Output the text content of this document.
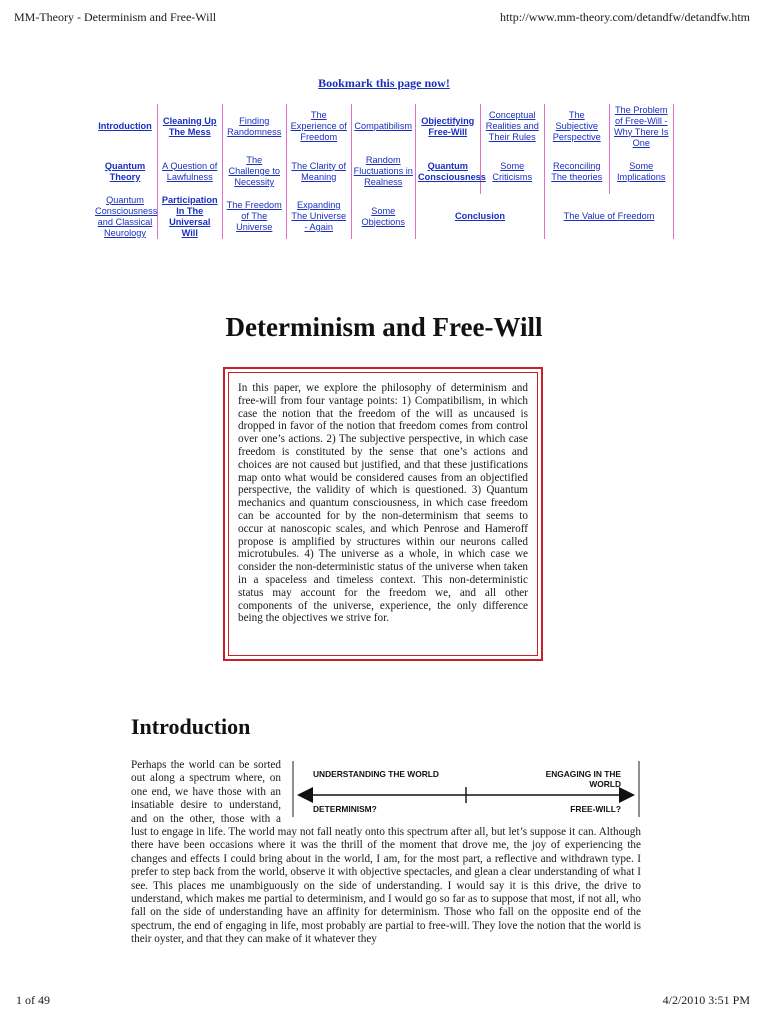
MM-Theory - Determinism and Free-Will	http://www.mm-theory.com/detandfw/detandfw.htm
Bookmark this page now!
Introduction	Cleaning Up The Mess	Finding Randomness	The Experience of Freedom	Compatibilism	Objectifying Free-Will	Conceptual Realities and Their Rules	The Subjective Perspective	The Problem of Free-Will - Why There Is One
Quantum Theory	A Question of Lawfulness	The Challenge to Necessity	The Clarity of Meaning	Random Fluctuations in Realness	Quantum Consciousness	Some Criticisms	Reconciling The theories	Some Implications
Quantum Consciousness and Classical Neurology	Participation In The Universal Will	The Freedom of The Universe	Expanding The Universe - Again	Some Objections	Conclusion		The Value of Freedom	
Determinism and Free-Will

In this paper, we explore the philosophy of determinism and free-will from four vantage points: 1) Compatibilism, in which case the notion that the freedom of the will as uncaused is dropped in favor of the notion that freedom comes from control over one’s actions. 2) The subjective perspective, in which case freedom is constituted by the sense that one’s actions and choices are not caused but justified, and that these justifications map onto what would be considered causes from an objectified perspective, the validity of which is questioned. 3) Quantum mechanics and quantum consciousness, in which case freedom can be accounted for by the non-determinism that seems to occur at nanoscopic scales, and which Penrose and Hameroff propose is amplified by structures within our neurons called microtubules. 4) The universe as a whole, in which case we consider the non-deterministic status of the universe when taken in a spaceless and timeless context. This non-deterministic status may account for the freedom we, and all other components of the universe, experience, the only difference being the objectives we strive for.

Introduction
UNDERSTANDING THE WORLD
DETERMINISM?
ENGAGING IN THE WORLD
FREE-WILL?

Perhaps the world can be sorted out along a spectrum where, on one end, we have those with an insatiable desire to understand, and on the other, those with a lust to engage in life. The world may not fall neatly onto this spectrum after all, but let’s suppose it can. Although there have been occasions where it was the thrill of the moment that drove me, the joy of experiencing the changes and effects I could bring about in the world, I am, for the most part, a reflective and withdrawn type. I prefer to step back from the world, observe it with objective spectacles, and glean a clear understanding of what I see. This places me unambiguously on the side of understanding. I would say it is this drive, the drive to understand, which makes me partial to determinism, and I would go so far as to suppose that most, if not all, who fall on the side of understanding have an affinity for determinism. Those who fall on the opposite end of the spectrum, the end of engaging in life, most probably are partial to free-will. They love the notion that the world is their oyster, and that they can make of it whatever they

1 of 49	4/2/2010 3:51 PM
